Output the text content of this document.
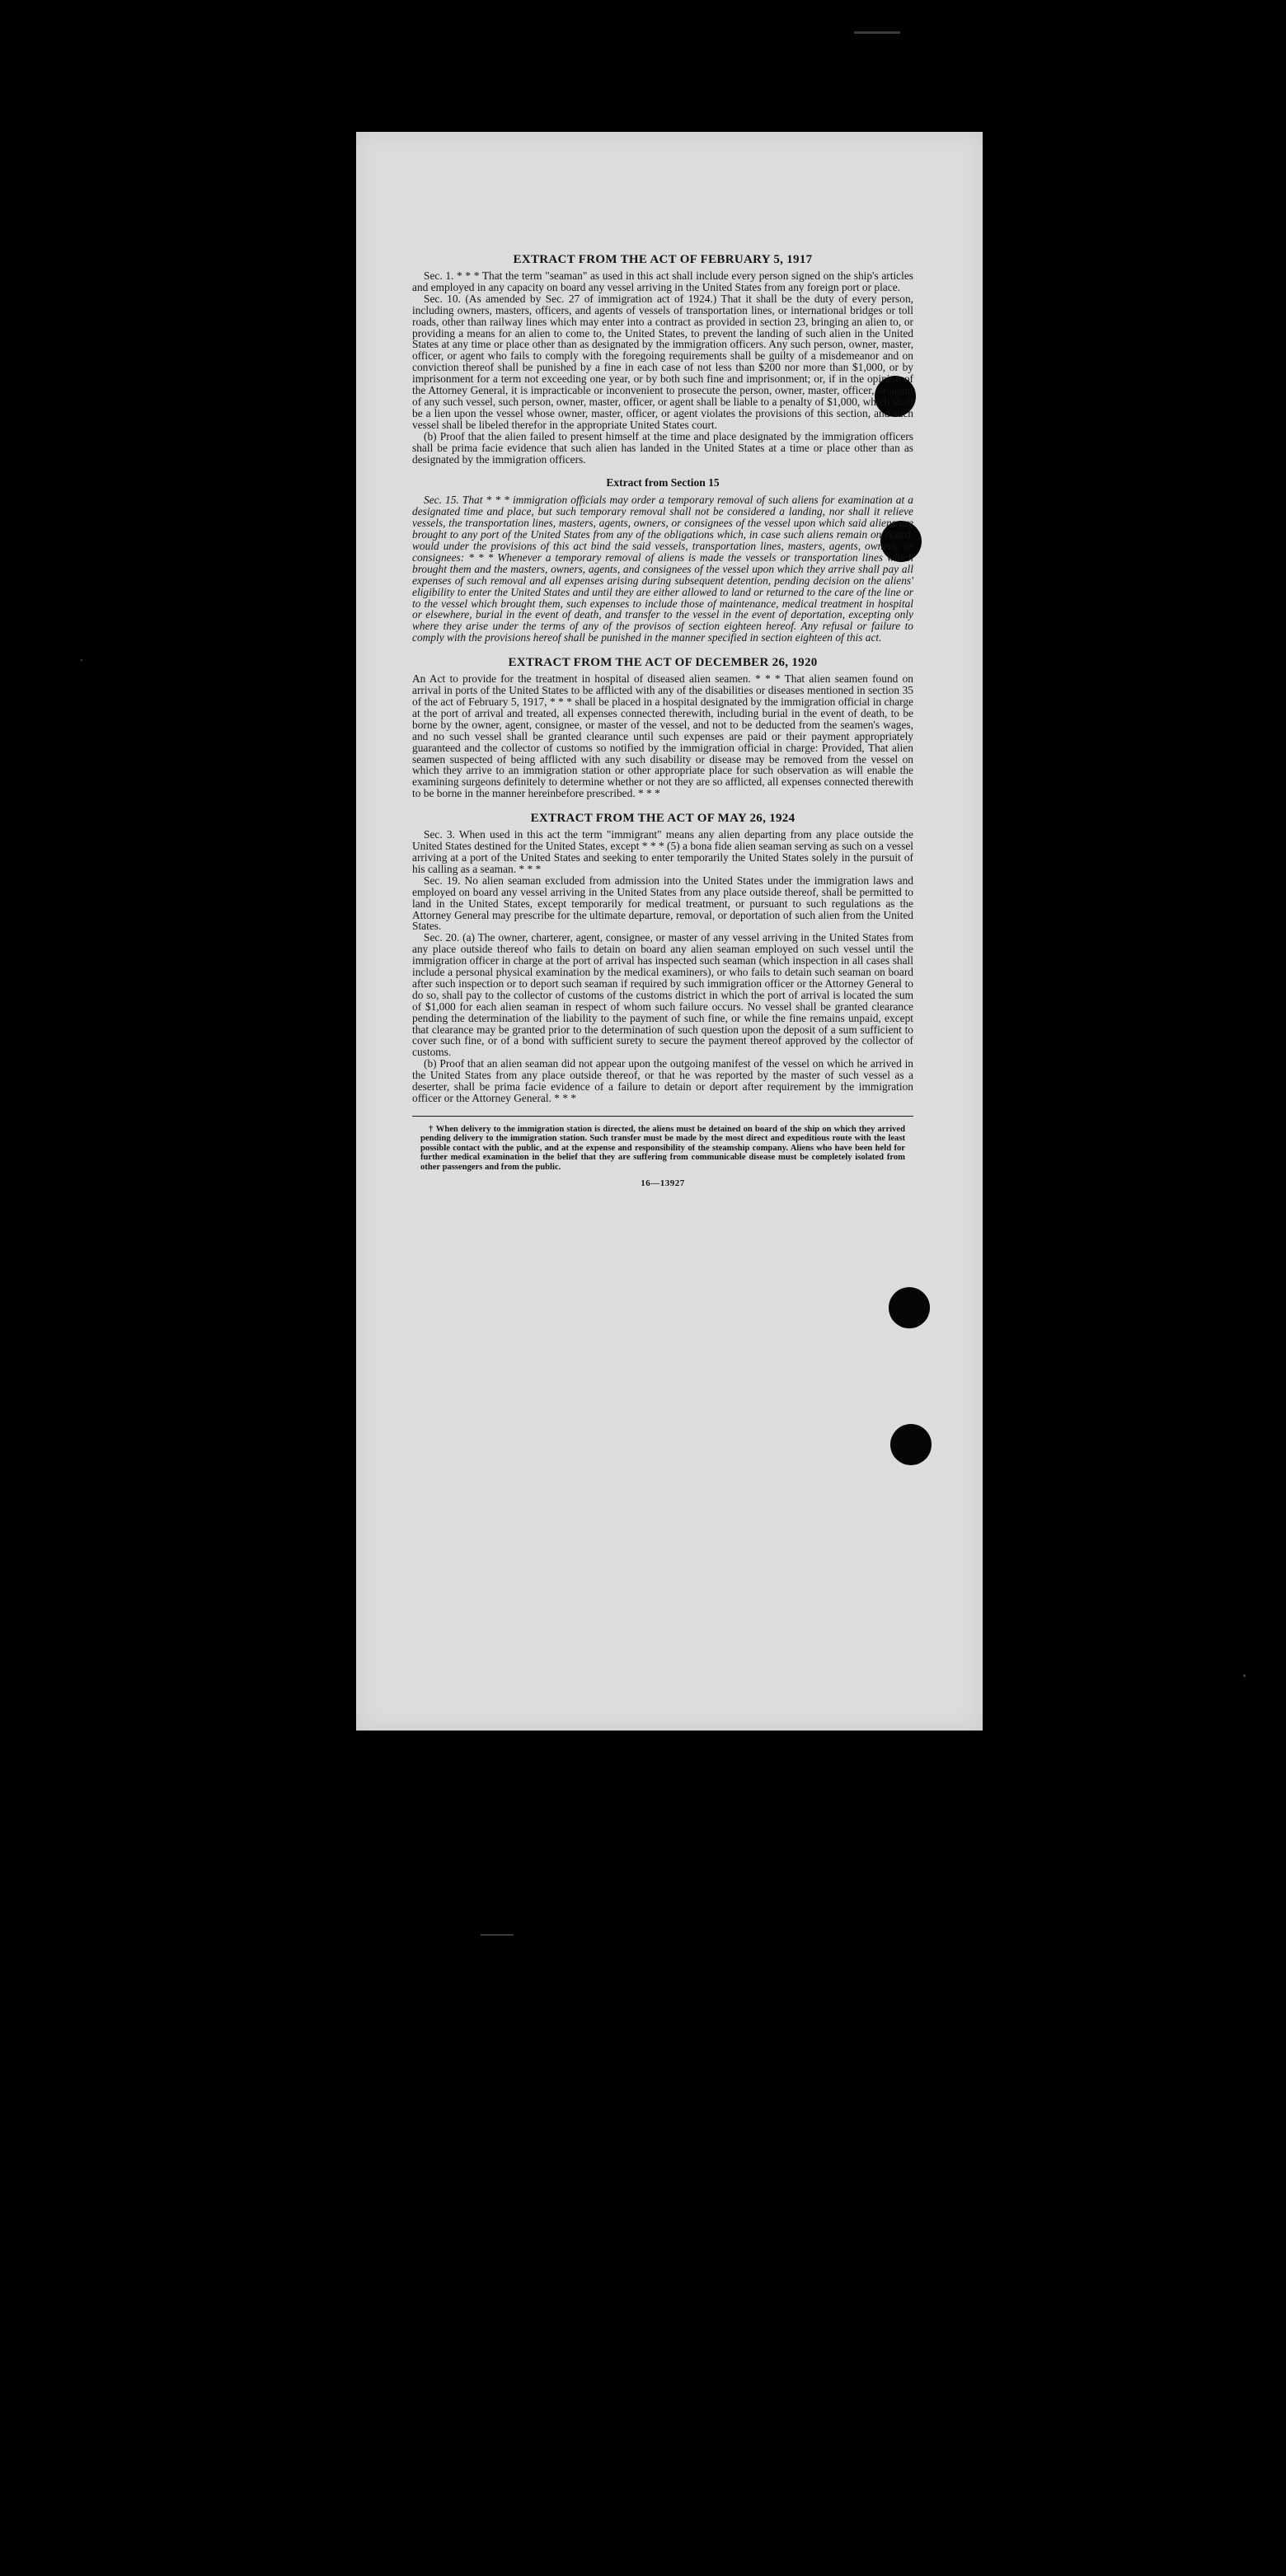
EXTRACT FROM THE ACT OF FEBRUARY 5, 1917

Sec. 1. * * * That the term "seaman" as used in this act shall include every person signed on the ship's articles and employed in any capacity on board any vessel arriving in the United States from any foreign port or place.

Sec. 10. (As amended by Sec. 27 of immigration act of 1924.) That it shall be the duty of every person, including owners, masters, officers, and agents of vessels of transportation lines, or international bridges or toll roads, other than railway lines which may enter into a contract as provided in section 23, bringing an alien to, or providing a means for an alien to come to, the United States, to prevent the landing of such alien in the United States at any time or place other than as designated by the immigration officers. Any such person, owner, master, officer, or agent who fails to comply with the foregoing requirements shall be guilty of a misdemeanor and on conviction thereof shall be punished by a fine in each case of not less than $200 nor more than $1,000, or by imprisonment for a term not exceeding one year, or by both such fine and imprisonment; or, if in the opinion of the Attorney General, it is impracticable or inconvenient to prosecute the person, owner, master, officer, or agent of any such vessel, such person, owner, master, officer, or agent shall be liable to a penalty of $1,000, which shall be a lien upon the vessel whose owner, master, officer, or agent violates the provisions of this section, and such vessel shall be libeled therefor in the appropriate United States court.

(b) Proof that the alien failed to present himself at the time and place designated by the immigration officers shall be prima facie evidence that such alien has landed in the United States at a time or place other than as designated by the immigration officers.

Extract from Section 15

Sec. 15. That * * * immigration officials may order a temporary removal of such aliens for examination at a designated time and place, but such temporary removal shall not be considered a landing, nor shall it relieve vessels, the transportation lines, masters, agents, owners, or consignees of the vessel upon which said aliens are brought to any port of the United States from any of the obligations which, in case such aliens remain on board, would under the provisions of this act bind the said vessels, transportation lines, masters, agents, owners, or consignees: * * * Whenever a temporary removal of aliens is made the vessels or transportation lines which brought them and the masters, owners, agents, and consignees of the vessel upon which they arrive shall pay all expenses of such removal and all expenses arising during subsequent detention, pending decision on the aliens' eligibility to enter the United States and until they are either allowed to land or returned to the care of the line or to the vessel which brought them, such expenses to include those of maintenance, medical treatment in hospital or elsewhere, burial in the event of death, and transfer to the vessel in the event of deportation, excepting only where they arise under the terms of any of the provisos of section eighteen hereof. Any refusal or failure to comply with the provisions hereof shall be punished in the manner specified in section eighteen of this act.

EXTRACT FROM THE ACT OF DECEMBER 26, 1920

An Act to provide for the treatment in hospital of diseased alien seamen. * * * That alien seamen found on arrival in ports of the United States to be afflicted with any of the disabilities or diseases mentioned in section 35 of the act of February 5, 1917, * * * shall be placed in a hospital designated by the immigration official in charge at the port of arrival and treated, all expenses connected therewith, including burial in the event of death, to be borne by the owner, agent, consignee, or master of the vessel, and not to be deducted from the seamen's wages, and no such vessel shall be granted clearance until such expenses are paid or their payment appropriately guaranteed and the collector of customs so notified by the immigration official in charge: Provided, That alien seamen suspected of being afflicted with any such disability or disease may be removed from the vessel on which they arrive to an immigration station or other appropriate place for such observation as will enable the examining surgeons definitely to determine whether or not they are so afflicted, all expenses connected therewith to be borne in the manner hereinbefore prescribed. * * *

EXTRACT FROM THE ACT OF MAY 26, 1924

Sec. 3. When used in this act the term "immigrant" means any alien departing from any place outside the United States destined for the United States, except * * * (5) a bona fide alien seaman serving as such on a vessel arriving at a port of the United States and seeking to enter temporarily the United States solely in the pursuit of his calling as a seaman. * * *

Sec. 19. No alien seaman excluded from admission into the United States under the immigration laws and employed on board any vessel arriving in the United States from any place outside thereof, shall be permitted to land in the United States, except temporarily for medical treatment, or pursuant to such regulations as the Attorney General may prescribe for the ultimate departure, removal, or deportation of such alien from the United States.

Sec. 20. (a) The owner, charterer, agent, consignee, or master of any vessel arriving in the United States from any place outside thereof who fails to detain on board any alien seaman employed on such vessel until the immigration officer in charge at the port of arrival has inspected such seaman (which inspection in all cases shall include a personal physical examination by the medical examiners), or who fails to detain such seaman on board after such inspection or to deport such seaman if required by such immigration officer or the Attorney General to do so, shall pay to the collector of customs of the customs district in which the port of arrival is located the sum of $1,000 for each alien seaman in respect of whom such failure occurs. No vessel shall be granted clearance pending the determination of the liability to the payment of such fine, or while the fine remains unpaid, except that clearance may be granted prior to the determination of such question upon the deposit of a sum sufficient to cover such fine, or of a bond with sufficient surety to secure the payment thereof approved by the collector of customs.

(b) Proof that an alien seaman did not appear upon the outgoing manifest of the vessel on which he arrived in the United States from any place outside thereof, or that he was reported by the master of such vessel as a deserter, shall be prima facie evidence of a failure to detain or deport after requirement by the immigration officer or the Attorney General. * * *

† When delivery to the immigration station is directed, the aliens must be detained on board of the ship on which they arrived pending delivery to the immigration station. Such transfer must be made by the most direct and expeditious route with the least possible contact with the public, and at the expense and responsibility of the steamship company. Aliens who have been held for further medical examination in the belief that they are suffering from communicable disease must be completely isolated from other passengers and from the public.

16—13927
